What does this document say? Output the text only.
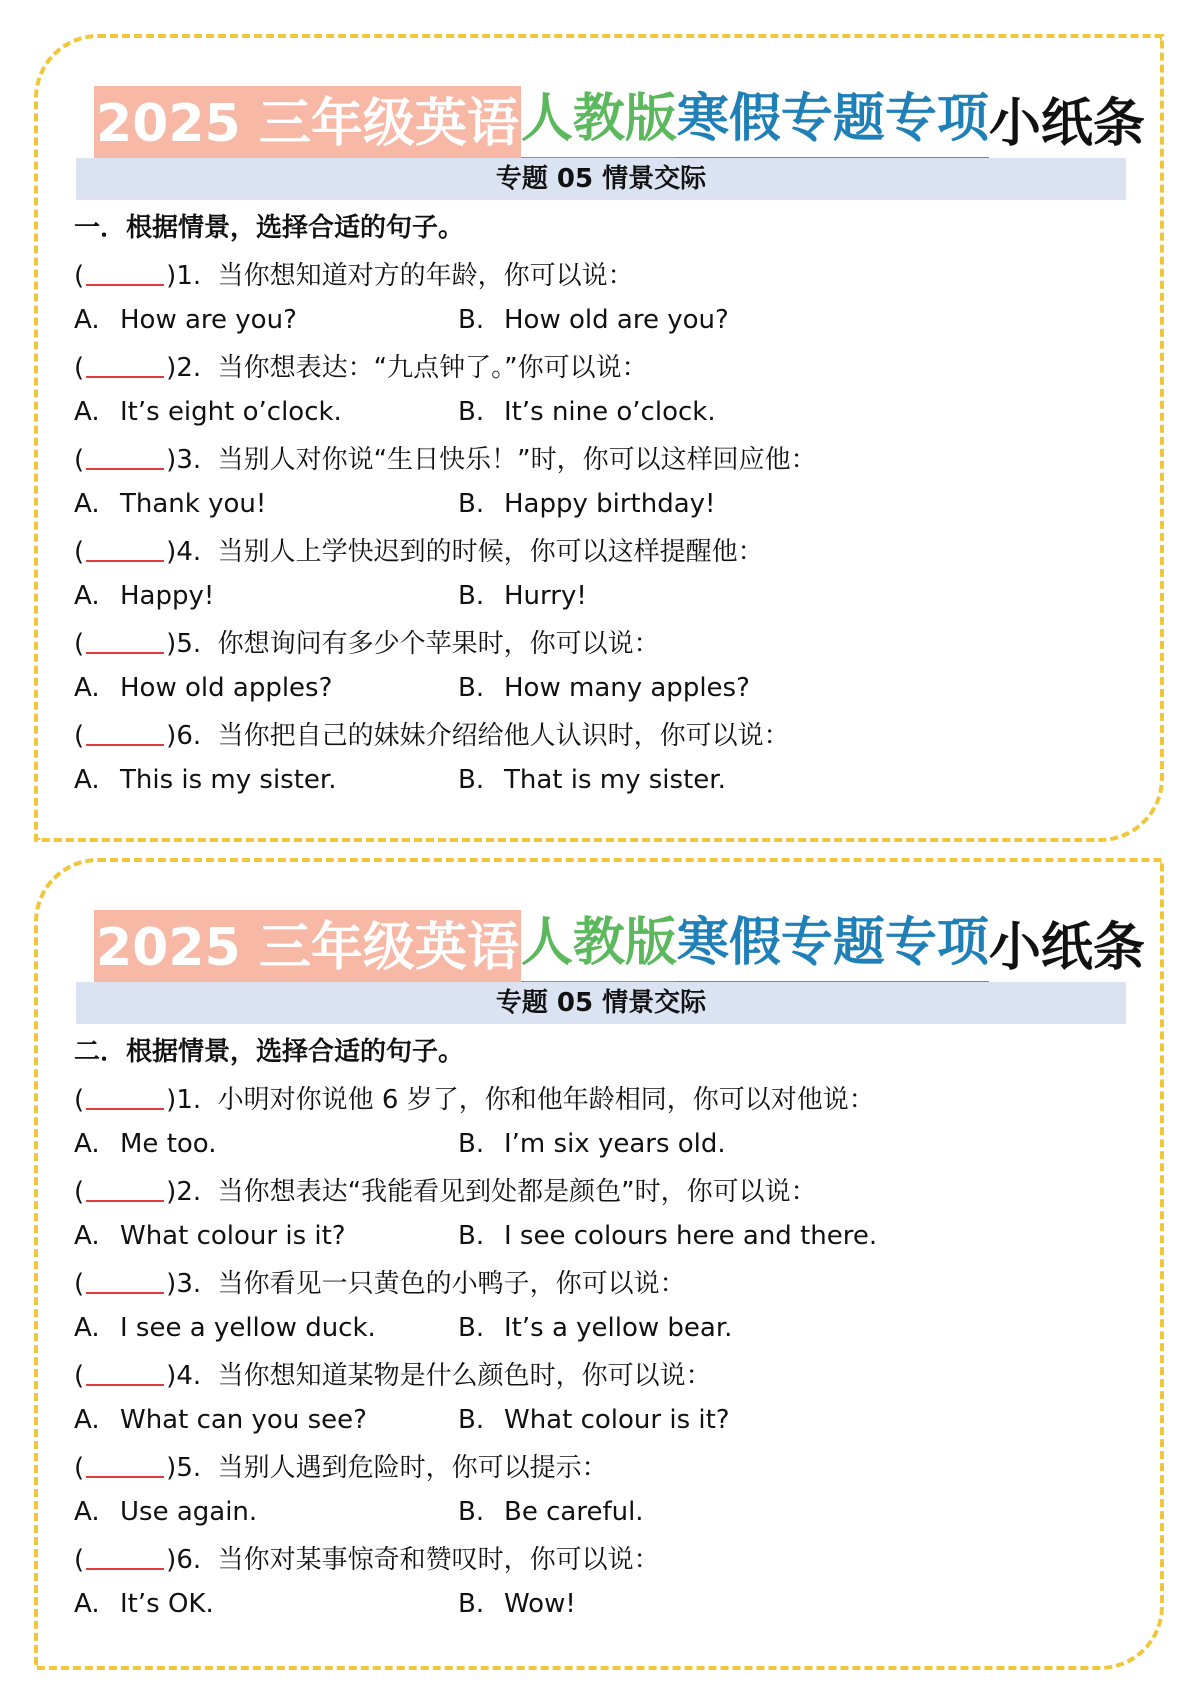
2025 三年级英语 人教版 寒假专题专项 小纸条
专题 05 情景交际
一．根据情景，选择合适的句子。
(	)1. 当你想知道对方的年龄，你可以说：
A. How are you?	B. How old are you?
(	)2. 当你想表达：“九点钟了。”你可以说：
A. It’s eight o’clock.	B. It’s nine o’clock.
(	)3. 当别人对你说“生日快乐！”时，你可以这样回应他：
A. Thank you!	B. Happy birthday!
(	)4. 当别人上学快迟到的时候，你可以这样提醒他：
A. Happy!	B. Hurry!
(	)5. 你想询问有多少个苹果时，你可以说：
A. How old apples?	B. How many apples?
(	)6. 当你把自己的妹妹介绍给他人认识时，你可以说：
A. This is my sister.	B. That is my sister.
2025 三年级英语 人教版 寒假专题专项 小纸条
专题 05 情景交际
二．根据情景，选择合适的句子。
(	)1. 小明对你说他 6 岁了，你和他年龄相同，你可以对他说：
A. Me too.	B. I’m six years old.
(	)2. 当你想表达“我能看见到处都是颜色”时，你可以说：
A. What colour is it?	B. I see colours here and there.
(	)3. 当你看见一只黄色的小鸭子，你可以说：
A. I see a yellow duck.	B. It’s a yellow bear.
(	)4. 当你想知道某物是什么颜色时，你可以说：
A. What can you see?	B. What colour is it?
(	)5. 当别人遇到危险时，你可以提示：
A. Use again.	B. Be careful.
(	)6. 当你对某事惊奇和赞叹时，你可以说：
A. It’s OK.	B. Wow!
